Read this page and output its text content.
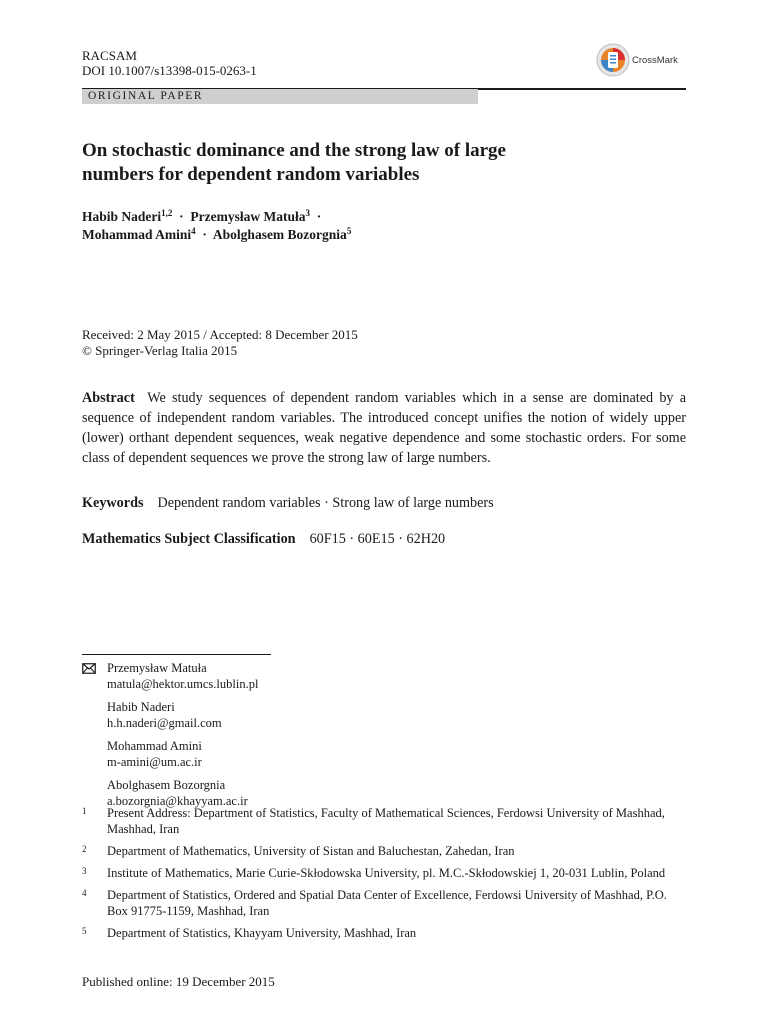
RACSAM
DOI 10.1007/s13398-015-0263-1
CrossMark
ORIGINAL PAPER
On stochastic dominance and the strong law of large
numbers for dependent random variables
Habib Naderi$^{1,2}$ · Przemysław Matuła$^3$ ·
Mohammad Amini$^4$ · Abolghasem Bozorgnia$^5$
Received: 2 May 2015 / Accepted: 8 December 2015
© Springer-Verlag Italia 2015
Abstract We study sequences of dependent random variables which in a sense are dominated by a sequence of independent random variables. The introduced concept unifies the notion of widely upper (lower) orthant dependent sequences, weak negative dependence and some stochastic orders. For some class of dependent sequences we prove the strong law of large numbers.
Keywords Dependent random variables · Strong law of large numbers
Mathematics Subject Classification 60F15 · 60E15 · 62H20
Przemysław Matuła
matula@hektor.umcs.lublin.pl
Habib Naderi
h.h.naderi@gmail.com
Mohammad Amini
m-amini@um.ac.ir
Abolghasem Bozorgnia
a.bozorgnia@khayyam.ac.ir
1	Present Address: Department of Statistics, Faculty of Mathematical Sciences, Ferdowsi University of Mashhad, Mashhad, Iran
2	Department of Mathematics, University of Sistan and Baluchestan, Zahedan, Iran
3	Institute of Mathematics, Marie Curie-Skłodowska University, pl. M.C.-Skłodowskiej 1, 20-031 Lublin, Poland
4	Department of Statistics, Ordered and Spatial Data Center of Excellence, Ferdowsi University of Mashhad, P.O. Box 91775-1159, Mashhad, Iran
5	Department of Statistics, Khayyam University, Mashhad, Iran
Published online: 19 December 2015
